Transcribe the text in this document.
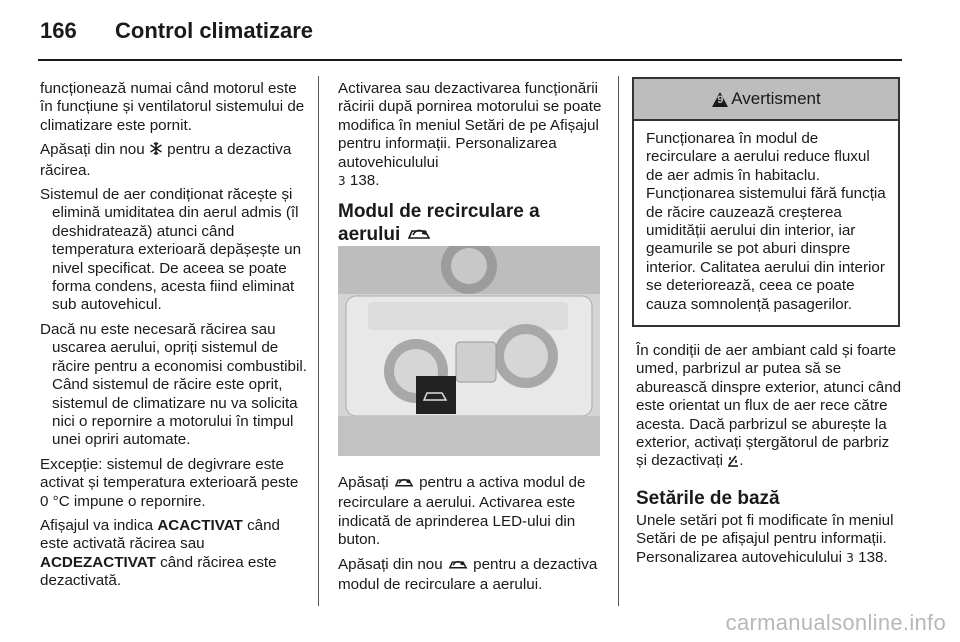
166 Control climatizare

funcționează numai când motorul este în funcțiune și ventilatorul sistemului de climatizare este pornit.

Apăsați din nou  pentru a dezactiva răcirea.

Sistemul de aer condiționat răcește și elimină umiditatea din aerul admis (îl deshidratează) atunci când temperatura exterioară depășește un nivel specificat. De aceea se poate forma condens, acesta fiind eliminat sub autovehicul.

Dacă nu este necesară răcirea sau uscarea aerului, opriți sistemul de răcire pentru a economisi combustibil. Când sistemul de răcire este oprit, sistemul de climatizare nu va solicita nici o repornire a motorului în timpul unei opriri automate.

Excepție: sistemul de degivrare este activat și temperatura exterioară peste 0 °C impune o repornire.

Afișajul va indica ACACTIVAT când este activată răcirea sau ACDEZACTIVAT când răcirea este dezactivată.

Activarea sau dezactivarea funcționării răcirii după pornirea motorului se poate modifica în meniul Setări de pe Afișajul pentru informații. Personalizarea autovehiculului
3 138.

Modul de recirculare a aerului

Apăsați  pentru a activa modul de recirculare a aerului. Activarea este indicată de aprinderea LED-ului din buton.

Apăsați din nou  pentru a dezactiva modul de recirculare a aerului.

9 Avertisment
Funcționarea în modul de recirculare a aerului reduce fluxul de aer admis în habitaclu. Funcționarea sistemului fără funcția de răcire cauzează creșterea umidității aerului din interior, iar geamurile se pot aburi dinspre interior. Calitatea aerului din interior se deteriorează, ceea ce poate cauza somnolență pasagerilor.

În condiții de aer ambiant cald și foarte umed, parbrizul ar putea să se aburească dinspre exterior, atunci când este orientat un flux de aer rece către acesta. Dacă parbrizul se aburește la exterior, activați ștergătorul de parbriz și dezactivați .

Setările de bază

Unele setări pot fi modificate în meniul Setări de pe afișajul pentru informații. Personalizarea autovehiculului 3 138.

carmanualsonline.info
